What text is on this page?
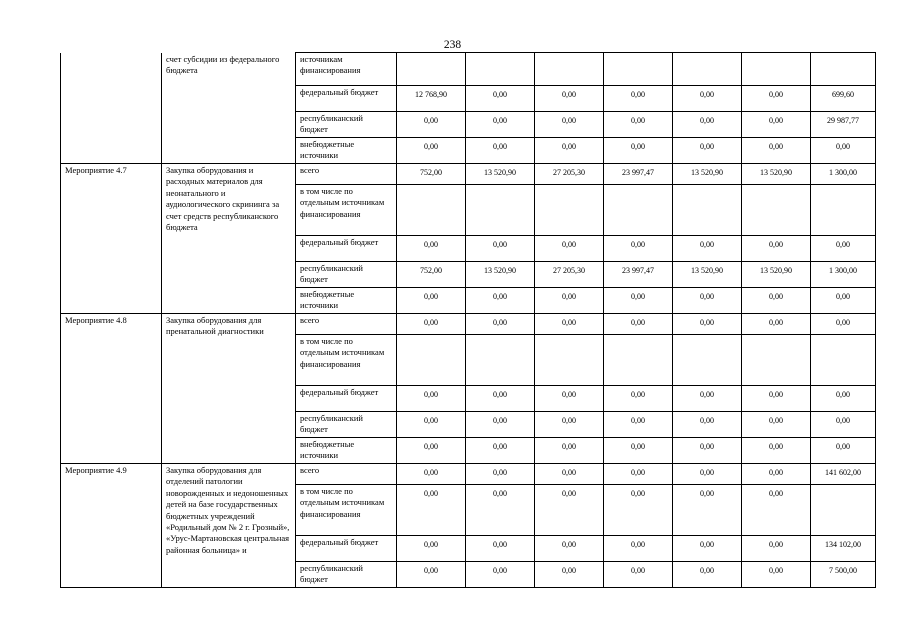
238
	счет субсидии из федерального бюджета	источникам финансирования							
		федеральный бюджет	12 768,90	0,00	0,00	0,00	0,00	0,00	699,60
		республиканский бюджет	0,00	0,00	0,00	0,00	0,00	0,00	29 987,77
		внебюджетные источники	0,00	0,00	0,00	0,00	0,00	0,00	0,00
Мероприятие 4.7	Закупка оборудования и расходных материалов для неонатального и аудиологического скрининга за счет средств республиканского бюджета	всего	752,00	13 520,90	27 205,30	23 997,47	13 520,90	13 520,90	1 300,00
		в том числе по отдельным источникам финансирования							
		федеральный бюджет	0,00	0,00	0,00	0,00	0,00	0,00	0,00
		республиканский бюджет	752,00	13 520,90	27 205,30	23 997,47	13 520,90	13 520,90	1 300,00
		внебюджетные источники	0,00	0,00	0,00	0,00	0,00	0,00	0,00
Мероприятие 4.8	Закупка оборудования для пренатальной диагностики	всего	0,00	0,00	0,00	0,00	0,00	0,00	0,00
		в том числе по отдельным источникам финансирования							
		федеральный бюджет	0,00	0,00	0,00	0,00	0,00	0,00	0,00
		республиканский бюджет	0,00	0,00	0,00	0,00	0,00	0,00	0,00
		внебюджетные источники	0,00	0,00	0,00	0,00	0,00	0,00	0,00
Мероприятие 4.9	Закупка оборудования для отделений патологии новорожденных и недоношенных детей на базе государственных бюджетных учреждений «Родильный дом № 2 г. Грозный», «Урус-Мартановская центральная районная больница» и	всего	0,00	0,00	0,00	0,00	0,00	0,00	141 602,00
		в том числе по отдельным источникам финансирования	0,00	0,00	0,00	0,00	0,00	0,00	
		федеральный бюджет	0,00	0,00	0,00	0,00	0,00	0,00	134 102,00
		республиканский бюджет	0,00	0,00	0,00	0,00	0,00	0,00	7 500,00
